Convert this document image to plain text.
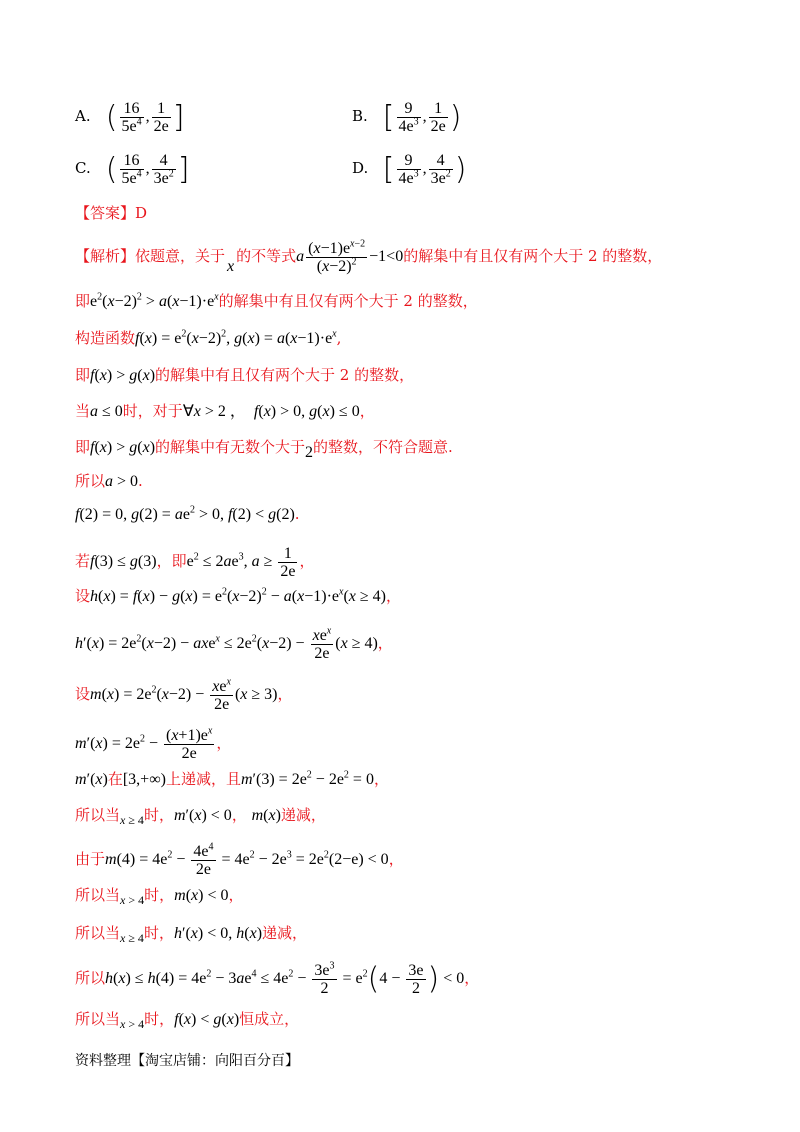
A. ( $\frac{16}{5e^4}$ , $\frac{1}{2e}$ ]	B. [ $\frac{9}{4e^3}$ , $\frac{1}{2e}$ )
C. ( $\frac{16}{5e^4}$ , $\frac{4}{3e^2}$ ]	D. [ $\frac{9}{4e^3}$ , $\frac{4}{3e^2}$ )
【答案】D
【解析】依题意，关于x的不等式a $\frac{(x-1)e^{x-2}}{(x-2)^2} -1<0$的解集中有且仅有两个大于 2 的整数，
即$e^2(x-2)^2 > a(x-1)\cdot e^x$的解集中有且仅有两个大于 2 的整数，
构造函数$f(x) = e^2(x-2)^2$, $g(x) = a(x-1)\cdot e^x$,
即f(x) > g(x)的解集中有且仅有两个大于 2 的整数，
当a ≤ 0时，对于∀x > 2 ，  f(x) > 0, g(x) ≤ 0，
即f(x) > g(x)的解集中有无数个大于2的整数，不符合题意.
所以a > 0.
f(2) = 0, $g(2) = ae^2 > 0$, f(2) < g(2).
若f(3) ≤ g(3)，即$e^2 \le 2ae^3$, $a \ge \frac{1}{2e}$ ，
设$h(x) = f(x) - g(x) = e^2(x-2)^2 - a(x-1)\cdot e^x(x \ge 4)$，
$h'(x) = 2e^2(x-2) - axe^x \le 2e^2(x-2) - \frac{xe^x}{2e} (x \ge 4)$，
设$m(x) = 2e^2(x-2) - \frac{xe^x}{2e} (x \ge 3)$，
$m'(x) = 2e^2 - \frac{(x+1)e^x}{2e}$ ，
m′(x)在[3,+∞)上递减，且$m'(3) = 2e^2 - 2e^2 = 0$，
所以当$_{x \ge 4}$时，m′(x) < 0， m(x)递减，
由于$m(4) = 4e^2 - \frac{4e^4}{2e} = 4e^2 - 2e^3 = 2e^2(2-e) < 0$，
所以当$_{x > 4}$时，m(x) < 0，
所以当$_{x \ge 4}$时，h′(x) < 0, h(x)递减，
所以$h(x) \le h(4) = 4e^2 - 3ae^4 \le 4e^2 - \frac{3e^3}{2} = e^2(4 - \frac{3e}{2}$ ) < 0，
所以当$_{x > 4}$时，f(x) < g(x)恒成立，
资料整理【淘宝店铺：向阳百分百】
